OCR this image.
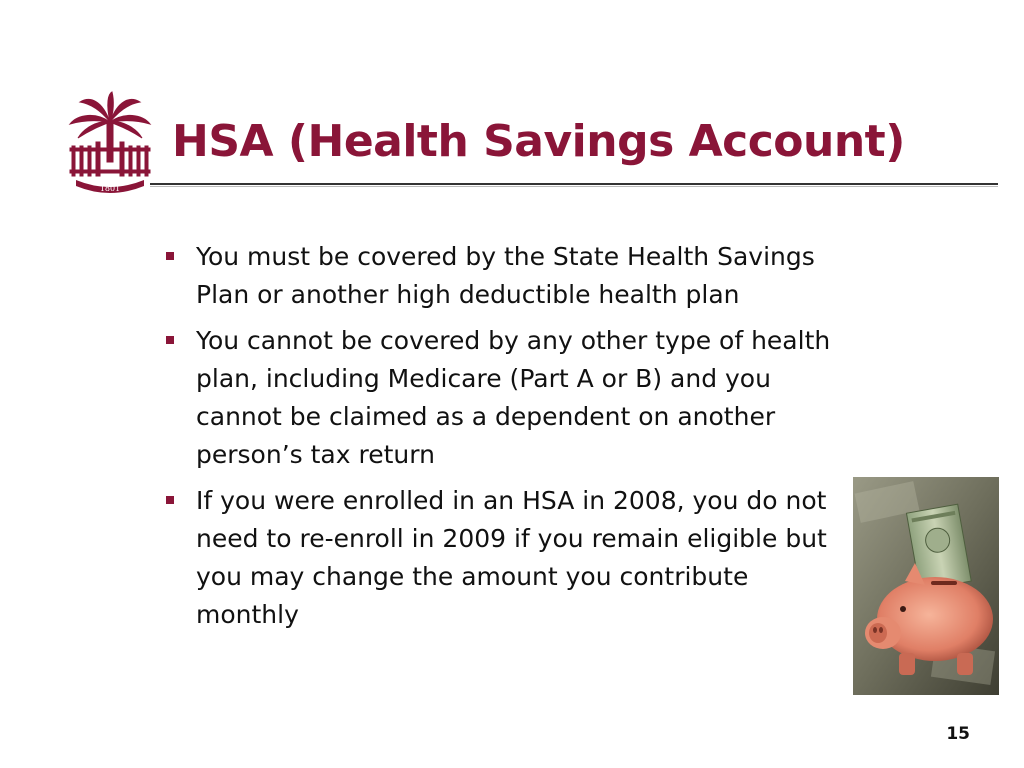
1801
HSA (Health Savings Account)
You must be covered by the State Health Savings Plan or another high deductible health plan
You cannot be covered by any other type of health plan, including Medicare (Part A or B) and you cannot be claimed as a dependent on another person’s tax return
If you were enrolled in an HSA in 2008, you do not need to re-enroll in 2009 if you remain eligible but you may change the amount you contribute monthly
15
